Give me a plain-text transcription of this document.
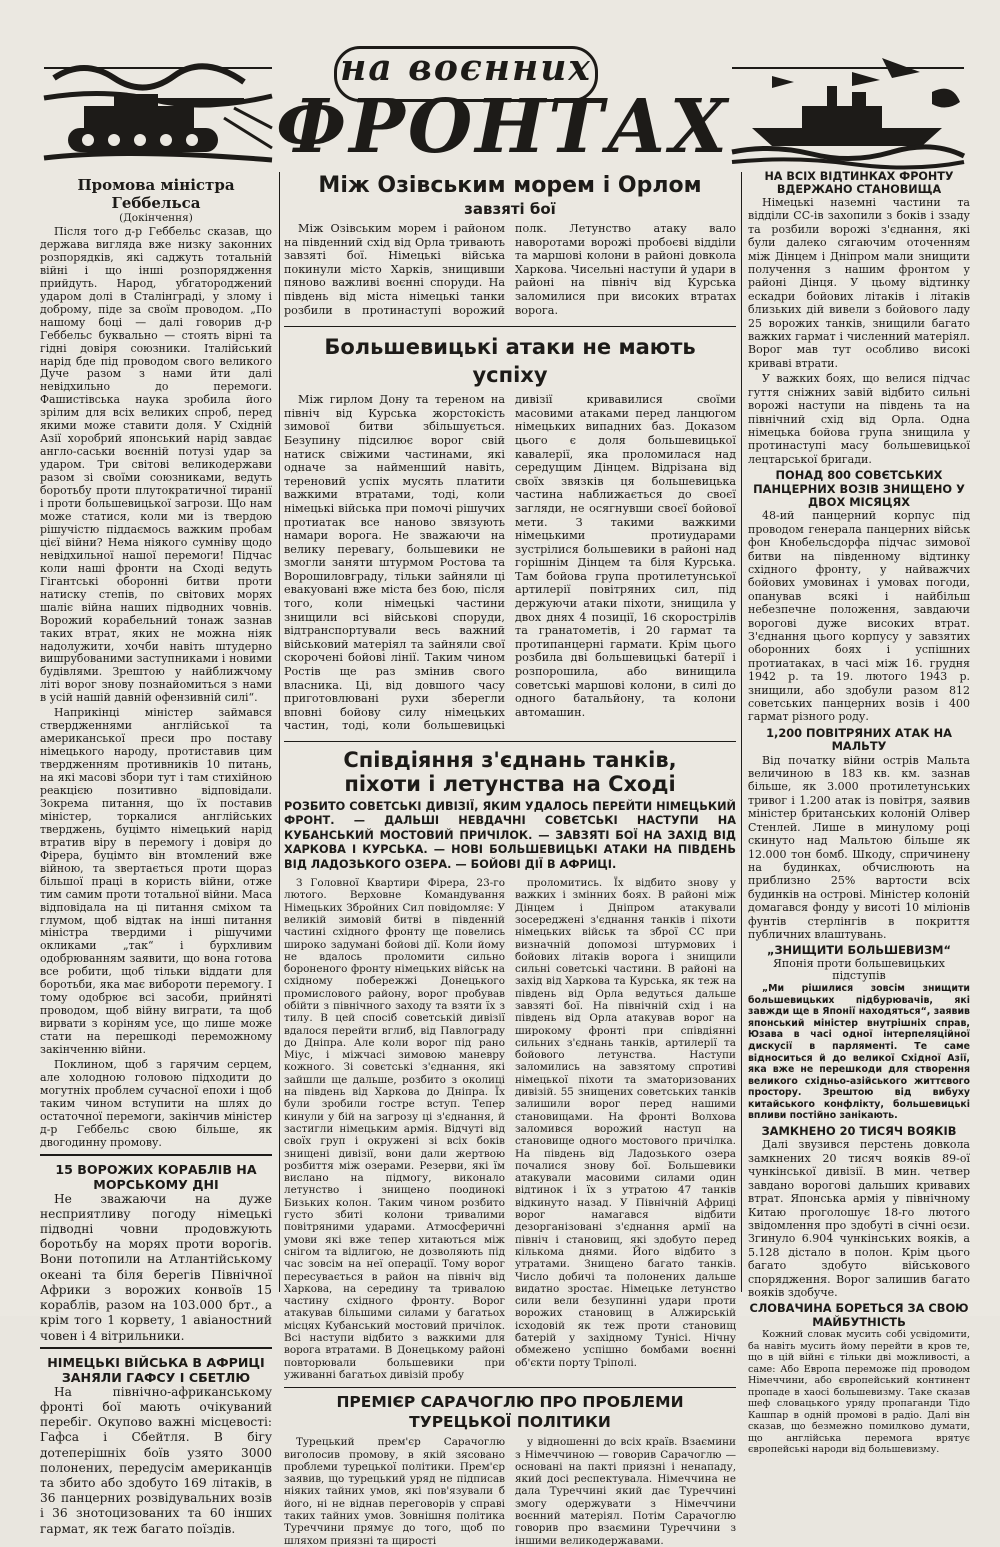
на воєнних
ФРОНТАХ
Промова міністра Геббельса
(Докінчення)

Після того д-р Геббельс сказав, що держава вигляда вже низку законних розпорядків, які саджуть тотальній війні і що інші розпорядження прийдуть. Народ, убгатороджений ударом долі в Сталінграді, у злому і доброму, піде за своїм проводом. „По нашому боці — далі говорив д-р Геббельс буквально — стоять вірні та гідні довіря союзники. Італійський нарід бде під проводом свого великого Дуче разом з нами йти далі невідхильно до перемоги. Фашистівська наука зробила його зрілим для всіх великих спроб, перед якими може ставити доля. У Східній Азії хоробрий японський нарід завдає англо-саськи воєнній потузі удар за ударом. Три світові великодержави разом зі своїми союзниками, ведуть боротьбу проти плутократичної тиранії і проти большевицької загрози. Що нам може статися, коли ми із твердою рішучістю піддаємось важким пробам цієї війни? Нема ніякого сумніву щодо невідхильної нашої перемоги! Підчас коли наші фронти на Сході ведуть Гігантські оборонні битви проти натиску степів, по світових морях шаліє війна наших підводних човнів. Ворожий корабельний тонаж зазнав таких втрат, яких не можна ніяк надолужити, хочби навіть штудерно вишрубованими заступниками і новими будівлями. Зрештою у найближчому літі ворог знову познайомиться з нами в усій нашій давній офензивній силі“.

Наприкінці міністер займався ствердженнями англійської та американської преси про поставу німецького народу, протиставив цим твердженням противників 10 питань, на які масові збори тут і там стихійною реакцією позитивно відповідали. Зокрема питання, що їх поставив міністер, торкалися англійських тверджень, буцімто німецький нарід втратив віру в перемогу і довіря до Фірера, буцімто він втомлений вже війною, та звертається проти щораз більшої праці в користь війни, отже тим самим проти тотальної війни. Маса відповідала на ці питання сміхом та глумом, щоб відтак на інші питання міністра твердими і рішучими окликами „так“ і бурхливим одобрюванням заявити, що вона готова все робити, щоб тільки віддати для боротьби, яка має вибороти перемогу. І тому одобрює всі засоби, прийняті проводом, щоб війну виграти, та щоб вирвати з коріням усе, що лише може стати на перешкоді переможному закінченню війни.

Поклином, щоб з гарячим серцем, але холодною головою підходити до могутніх проблем сучасної епохи і щоб таким чином вступити на шлях до остаточної перемоги, закінчив міністер д-р Геббельс свою більше, як двогодинну промову.

15 ВОРОЖИХ КОРАБЛІВ НА МОРСЬКОМУ ДНІ

Не зважаючи на дуже несприятливу погоду німецькі підводні човни продовжують боротьбу на морях проти ворогів. Вони потопили на Атлантійському океані та біля берегів Північної Африки з ворожих конвоїв 15 кораблів, разом на 103.000 брт., а крім того 1 корвету, 1 авіаностний човен і 4 вітрильники.

НІМЕЦЬКІ ВІЙСЬКА В АФРИЦІ ЗАНЯЛИ ГАФСУ І СБЕТЛЮ

На північно-африканському фронті бої мають очікуваний перебіг. Окупово важні місцевості: Гафса і Сбейтля. В бігу дотеперішніх боїв узято 3000 полонених, передусім американців та збито або здобуто 169 літаків, в 36 панцерних розвідувальних возів і 36 знотоцизованих та 60 інших гармат, як теж багато поїздів.

Між Озівським морем і Орлом
завзяті бої

Між Озівським морем і районом на південний схід від Орла тривають завзяті бої. Німецькі війська покинули місто Харків, знищивши пяново важливі воєнні споруди. На південь від міста німецькі танки розбили в протинаступі ворожий полк. Летунство атаку вало наворотами ворожі пробоєві відділи та маршові колони в районі довкола Харкова. Чисельні наступи й удари в районі на північ від Курська заломилися при високих втратах ворога.

Большевицькі атаки не мають успіху

Між гирлом Дону та тереном на північ від Курська жорстокість зимової битви збільшується. Безупину підсилює ворог свій натиск свіжими частинами, які одначе за найменший навіть, тереновий успіх мусять платити важкими втратами, тоді, коли німецькі війська при помочі рішучих протиатак все наново звязують намари ворога. Не зважаючи на велику перевагу, большевики не змогли заняти штурмом Ростова та Ворошиловграду, тільки зайняли ці евакуовані вже міста без бою, після того, коли німецькі частини знищили всі військові споруди, відтранспортували весь важний військовий матеріял та зайняли свої скорочені бойові лінії. Таким чином Ростів ще раз змінив свого власника. Ці, від довшого часу приготовлювані рухи зберегли вповні бойову силу німецьких частин, тоді, коли большевицькі дивізії кривавилися своїми масовими атаками перед ланцюгом німецьких випадних баз. Доказом цього є доля большевицької кавалерії, яка проломилася над середущим Дінцем. Відрізана від своїх звязків ця большевицька частина наближається до своєї загляди, не осягнувши своєї бойової мети. З такими важкими німецькими протиударами зустрілися большевики в районі над горішнім Дінцем та біля Курська. Там бойова група протилетунської артилерії повітряних сил, під держуючи атаки піхоти, знищила у двох днях 4 позиції, 16 скорострілів та гранатометів, і 20 гармат та протипанцерні гармати. Крім цього розбила дві большевицькі батерії і розпорошила, або винищила советські маршові колони, в силі до одного батальйону, та колони автомашин.

Співдіяння з'єднань танків, піхоти і летунства на Сході
РОЗБИТО СОВЕТСЬКІ ДИВІЗІЇ, ЯКИМ УДАЛОСЬ ПЕРЕЙТИ НІМЕЦЬКИЙ ФРОНТ. — ДАЛЬШІ НЕВДАЧНІ СОВЄТСЬКІ НАСТУПИ НА КУБАНСЬКИЙ МОСТОВИЙ ПРИЧІЛОК. — ЗАВЗЯТІ БОЇ НА ЗАХІД ВІД ХАРКОВА І КУРСЬКА. — НОВІ БОЛЬШЕВИЦЬКІ АТАКИ НА ПІВДЕНЬ ВІД ЛАДОЗЬКОГО ОЗЕРА. — БОЙОВІ ДІЇ В АФРИЦІ.

З Головної Квартири Фірера, 23-го лютого. Верховне Командування Німецьких Збройних Сил повідомляє: У великій зимовій битві в південній частині східного фронту ще повелись широко задумані бойові дії. Коли йому не вдалось проломити сильно бороненого фронту німецьких військ на східному побережжі Донецького промислового району, ворог пробував обійти з північного заходу та взяти їх з тилу. В цей спосіб советській дивізії вдалося перейти вглиб, від Павлограду до Дніпра. Але коли ворог під рано Міус, і міжчасі зимовою маневру кожного. Зі совєтські з'єднання, які зайшли ще дальше, розбито з околиці на південь від Харкова до Дніпра. Їх були зробили гостре вступ. Тепер кинули у бій на загрозу ці з'єднання, й застигли німецьким армія. Відчуті від своїх груп і окружені зі всіх боків знищені дивізії, вони дали жертвою розбиття між озерами. Резерви, які їм вислано на підмогу, виконало летунство і знищено поодинокі Бизьких колон. Таким чином розбито густо збиті колони тривалими повітряними ударами. Атмосферичні умови які вже тепер хитаються між снігом та відлигою, не дозволяють під час зовсім на неї операції. Тому ворог пересувається в район на північ від Харкова, на середину та тривалою частину східного фронту. Ворог атакував більшими силами у багатьох місцях Кубанський мостовий причілок. Всі наступи відбито з важкими для ворога втратами. В Донецькому районі повторювали большевики при уживанні багатьох дивізій пробу

проломитись. Їх відбито знову у важких і змінних боях. В районі між Дінцем і Дніпром атакували зосереджені з'єднання танків і піхоти німецьких військ та зброї СС при визначній допомозі штурмових і бойових літаків ворога і знищили сильні советські частини. В районі на захід від Харкова та Курська, як теж на південь від Орла ведуться дальше завзяті бої. На північній схід і на південь від Орла атакував ворог на широкому фронті при співдіянні сильних з'єднань танків, артилерії та бойового летунства. Наступи заломились на завзятому спротиві німецької піхоти та зматоризованих дивізій. 55 знищених советських танків залишили ворог перед нашими становищами. На фронті Волхова заломився ворожий наступ на становище одного мостового причілка. На південь від Ладозького озера почалися знову бої. Большевики атакували масовими силами один відтинок і їх з утратою 47 танків відкинуто назад. У Північній Африці ворог намагався відбити дезорганізовані з'єднання армії на північ і становищ, які здобуто перед кількома днями. Його відбито з утратами. Знищено багато танків. Число добичі та полонених дальше видатно зростає. Німецьке летунство сили вели безупинні удари проти ворожих становищ в Алжирській ісходовій як теж проти становищ батерій у західному Тунісі. Нічну обмежено успішно бомбами воєнні об'єкти порту Тріполі.

ПРЕМІЄР САРАЧОГЛЮ ПРО ПРОБЛЕМИ ТУРЕЦЬКОЇ ПОЛІТИКИ

Турецький прем'єр Сарачоглю виголосив промову, в якій зясовано проблеми турецької політики. Прем'єр заявив, що турецький уряд не підписав ніяких тайних умов, які пов'язували б його, ні не віднав переговорів у справі таких тайних умов. Зовнішня політика Туреччини прямує до того, щоб по шляхом приязні та щирості

у відношенні до всіх країв. Взаємини з Німеччиною — говорив Сарачоглю — основані на пакті приязні і ненападу, який досі респектувала. Німеччина не дала Туреччині який дає Туреччині змогу одержувати з Німеччини воєнний матеріял. Потім Сарачоглю говорив про взаємини Туреччини з іншими великодержавами.

НА ВСІХ ВІДТИНКАХ ФРОНТУ ВДЕРЖАНО СТАНОВИЩА

Німецькі наземні частини та відділи СС-ів захопили з боків і ззаду та розбили ворожі з'єднання, які були далеко сягаючим оточенням між Дінцем і Дніпром мали знищити получення з нашим фронтом у районі Дінця. У цьому відтинку ескадри бойових літаків і літаків близьких дій вивели з бойового ладу 25 ворожих танків, знищили багато важких гармат і численний матеріял. Ворог мав тут особливо високі криваві втрати.

У важких боях, що велися підчас гуття сніжних завій відбито сильні ворожі наступи на південь та на північний схід від Орла. Одна німецька бойова група знищила у протинаступі масу большевицької лецтарської бригади.

ПОНАД 800 СОВЄТСЬКИХ ПАНЦЕРНИХ ВОЗІВ ЗНИЩЕНО У ДВОХ МІСЯЦЯХ

48-ий панцерний корпус під проводом генерала панцерних військ фон Кнобельсдорфа підчас зимової битви на південному відтинку східного фронту, у найважчих бойових умовинах і умовах погоди, опанував всякі і найбільш небезпечне положення, завдаючи ворогові дуже високих втрат. З'єднання цього корпусу у завзятих оборонних боях і успішних протиатаках, в часі між 16. грудня 1942 р. та 19. лютого 1943 р. знищили, або здобули разом 812 советських панцерних возів і 400 гармат різного роду.

1,200 ПОВІТРЯНИХ АТАК НА МАЛЬТУ

Від початку війни острів Мальта величиною в 183 кв. км. зазнав більше, як 3.000 протилетунських тривог і 1.200 атак із повітря, заявив міністер британських колоній Олівер Стенлей. Лише в минулому році скинуто над Мальтою більше як 12.000 тон бомб. Шкоду, спричинену на будинках, обчислюють на приблизно 25% вартости всіх будинків на острові. Міністер колоній домагався фонду у висоті 10 міліонів фунтів стерлінгів в покриття публичних влаштувань.

„ЗНИЩИТИ БОЛЬШЕВИЗМ“
Японія проти большевицьких підступів

„Ми рішилися зовсім знищити большевицьких підбурювачів, які завжди ще в Японії находяться“, заявив японський міністер внутрішніх справ, Юзава в часі одної інтерпеляційної дискусії в парляменті. Те саме відноситься й до великої Східної Азії, яка вже не перешкоди для створення великого східньо-азійського життєвого простору. Зрештою від вибуху китайського конфлікту, большевицькі впливи постійно занікають.

ЗАМКНЕНО 20 ТИСЯЧ ВОЯКІВ

Далі звузився перстень довкола замкнених 20 тисяч вояків 89-ої чункінської дивізії. В мин. четвер завдано ворогові дальших кривавих втрат. Японська армія у північному Китаю проголошує 18-го лютого звідомлення про здобуті в січні оєзи. Згинуло 6.904 чункінських вояків, а 5.128 дістало в полон. Крім цього багато здобуто військового спорядження. Ворог залишив багато вояків здобуче.

СЛОВАЧИНА БОРЕТЬСЯ ЗА СВОЮ МАЙБУТНІСТЬ

Кожний словак мусить собі усвідомити, ба навіть мусить йому перейти в кров те, що в цій війні є тільки дві можливості, а саме: Або Европа переможе під проводом Німеччини, або європейський континент пропаде в хаосі большевизму. Таке сказав шеф словацького уряду пропаганди Тідо Кашпар в одній промові в радіо. Далі він сказав, що безмежно помилково думати, що англійська перемога врятує європейські народи від большевизму.
